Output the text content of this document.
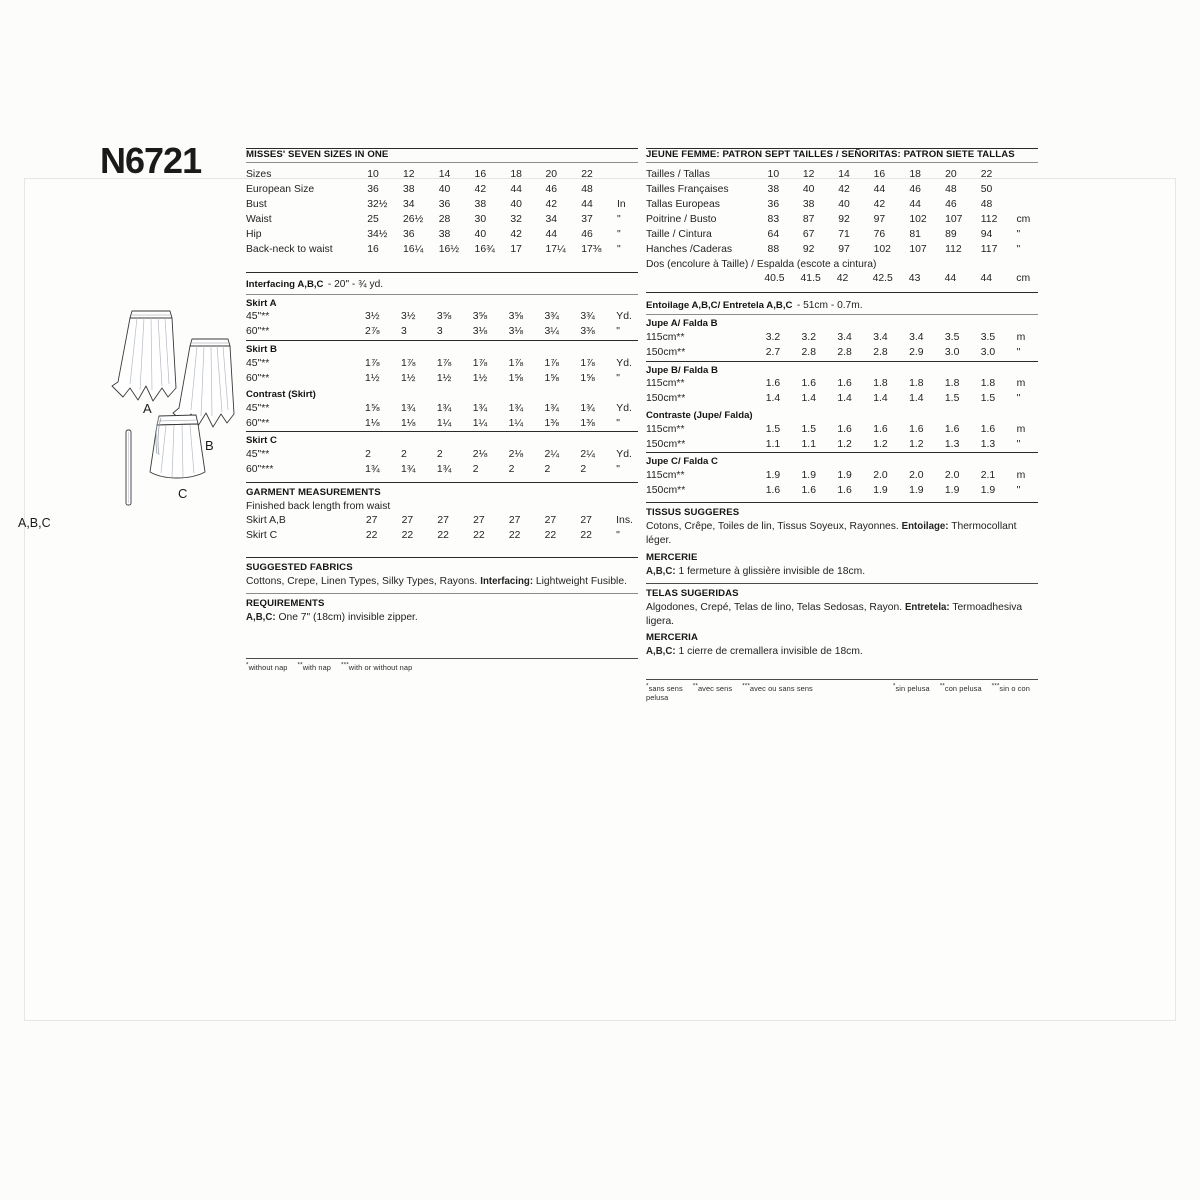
N6721
A
B
C
A,B,C
MISSES' SEVEN SIZES IN ONE
Sizes	10	12	14	16	18	20	22	
European Size	36	38	40	42	44	46	48	
Bust	32½	34	36	38	40	42	44	In
Waist	25	26½	28	30	32	34	37	"
Hip	34½	36	38	40	42	44	46	"
Back-neck to waist	16	16¼	16½	16¾	17	17¼	17⅜	"
Interfacing A,B,C - 20" - ¾ yd.
Skirt A
45"**	3½	3½	3⅝	3⅝	3⅝	3¾	3¾	Yd.
60"**	2⅞	3	3	3⅛	3⅛	3¼	3⅜	"
Skirt B
45"**	1⅞	1⅞	1⅞	1⅞	1⅞	1⅞	1⅞	Yd.
60"**	1½	1½	1½	1½	1⅝	1⅝	1⅝	"
Contrast (Skirt)
45"**	1⅝	1¾	1¾	1¾	1¾	1¾	1¾	Yd.
60"**	1⅛	1⅛	1¼	1¼	1¼	1⅜	1⅜	"
Skirt C
45"**	2	2	2	2⅛	2⅛	2¼	2¼	Yd.
60"***	1¾	1¾	1¾	2	2	2	2	"
GARMENT MEASUREMENTS
Finished back length from waist
Skirt A,B	27	27	27	27	27	27	27	Ins.
Skirt C	22	22	22	22	22	22	22	"
SUGGESTED FABRICS
Cottons, Crepe, Linen Types, Silky Types, Rayons. Interfacing: Lightweight Fusible.
REQUIREMENTS
A,B,C: One 7" (18cm) invisible zipper.
*without nap **with nap ***with or without nap
JEUNE FEMME: PATRON SEPT TAILLES / SEÑORITAS: PATRON SIETE TALLAS
Tailles / Tallas	10	12	14	16	18	20	22	
Tailles Françaises	38	40	42	44	46	48	50	
Tallas Europeas	36	38	40	42	44	46	48	
Poitrine / Busto	83	87	92	97	102	107	112	cm
Taille / Cintura	64	67	71	76	81	89	94	"
Hanches /Caderas	88	92	97	102	107	112	117	"
Dos (encolure à Taille) / Espalda (escote a cintura)
	40.5	41.5	42	42.5	43	44	44	cm
Entoilage A,B,C/ Entretela A,B,C - 51cm - 0.7m.
Jupe A/ Falda B
115cm**	3.2	3.2	3.4	3.4	3.4	3.5	3.5	m
150cm**	2.7	2.8	2.8	2.8	2.9	3.0	3.0	"
Jupe B/ Falda B
115cm**	1.6	1.6	1.6	1.8	1.8	1.8	1.8	m
150cm**	1.4	1.4	1.4	1.4	1.4	1.5	1.5	"
Contraste (Jupe/ Falda)
115cm**	1.5	1.5	1.6	1.6	1.6	1.6	1.6	m
150cm**	1.1	1.1	1.2	1.2	1.2	1.3	1.3	"
Jupe C/ Falda C
115cm**	1.9	1.9	1.9	2.0	2.0	2.0	2.1	m
150cm**	1.6	1.6	1.6	1.9	1.9	1.9	1.9	"
TISSUS SUGGERES
Cotons, Crêpe, Toiles de lin, Tissus Soyeux, Rayonnes. Entoilage: Thermocollant léger.
MERCERIE
A,B,C: 1 fermeture à glissière invisible de 18cm.
TELAS SUGERIDAS
Algodones, Crepé, Telas de lino, Telas Sedosas, Rayon. Entretela: Termoadhesiva ligera.
MERCERIA
A,B,C: 1 cierre de cremallera invisible de 18cm.
*sans sens **avec sens ***avec ou sans sens	*sin pelusa **con pelusa ***sin o con pelusa
